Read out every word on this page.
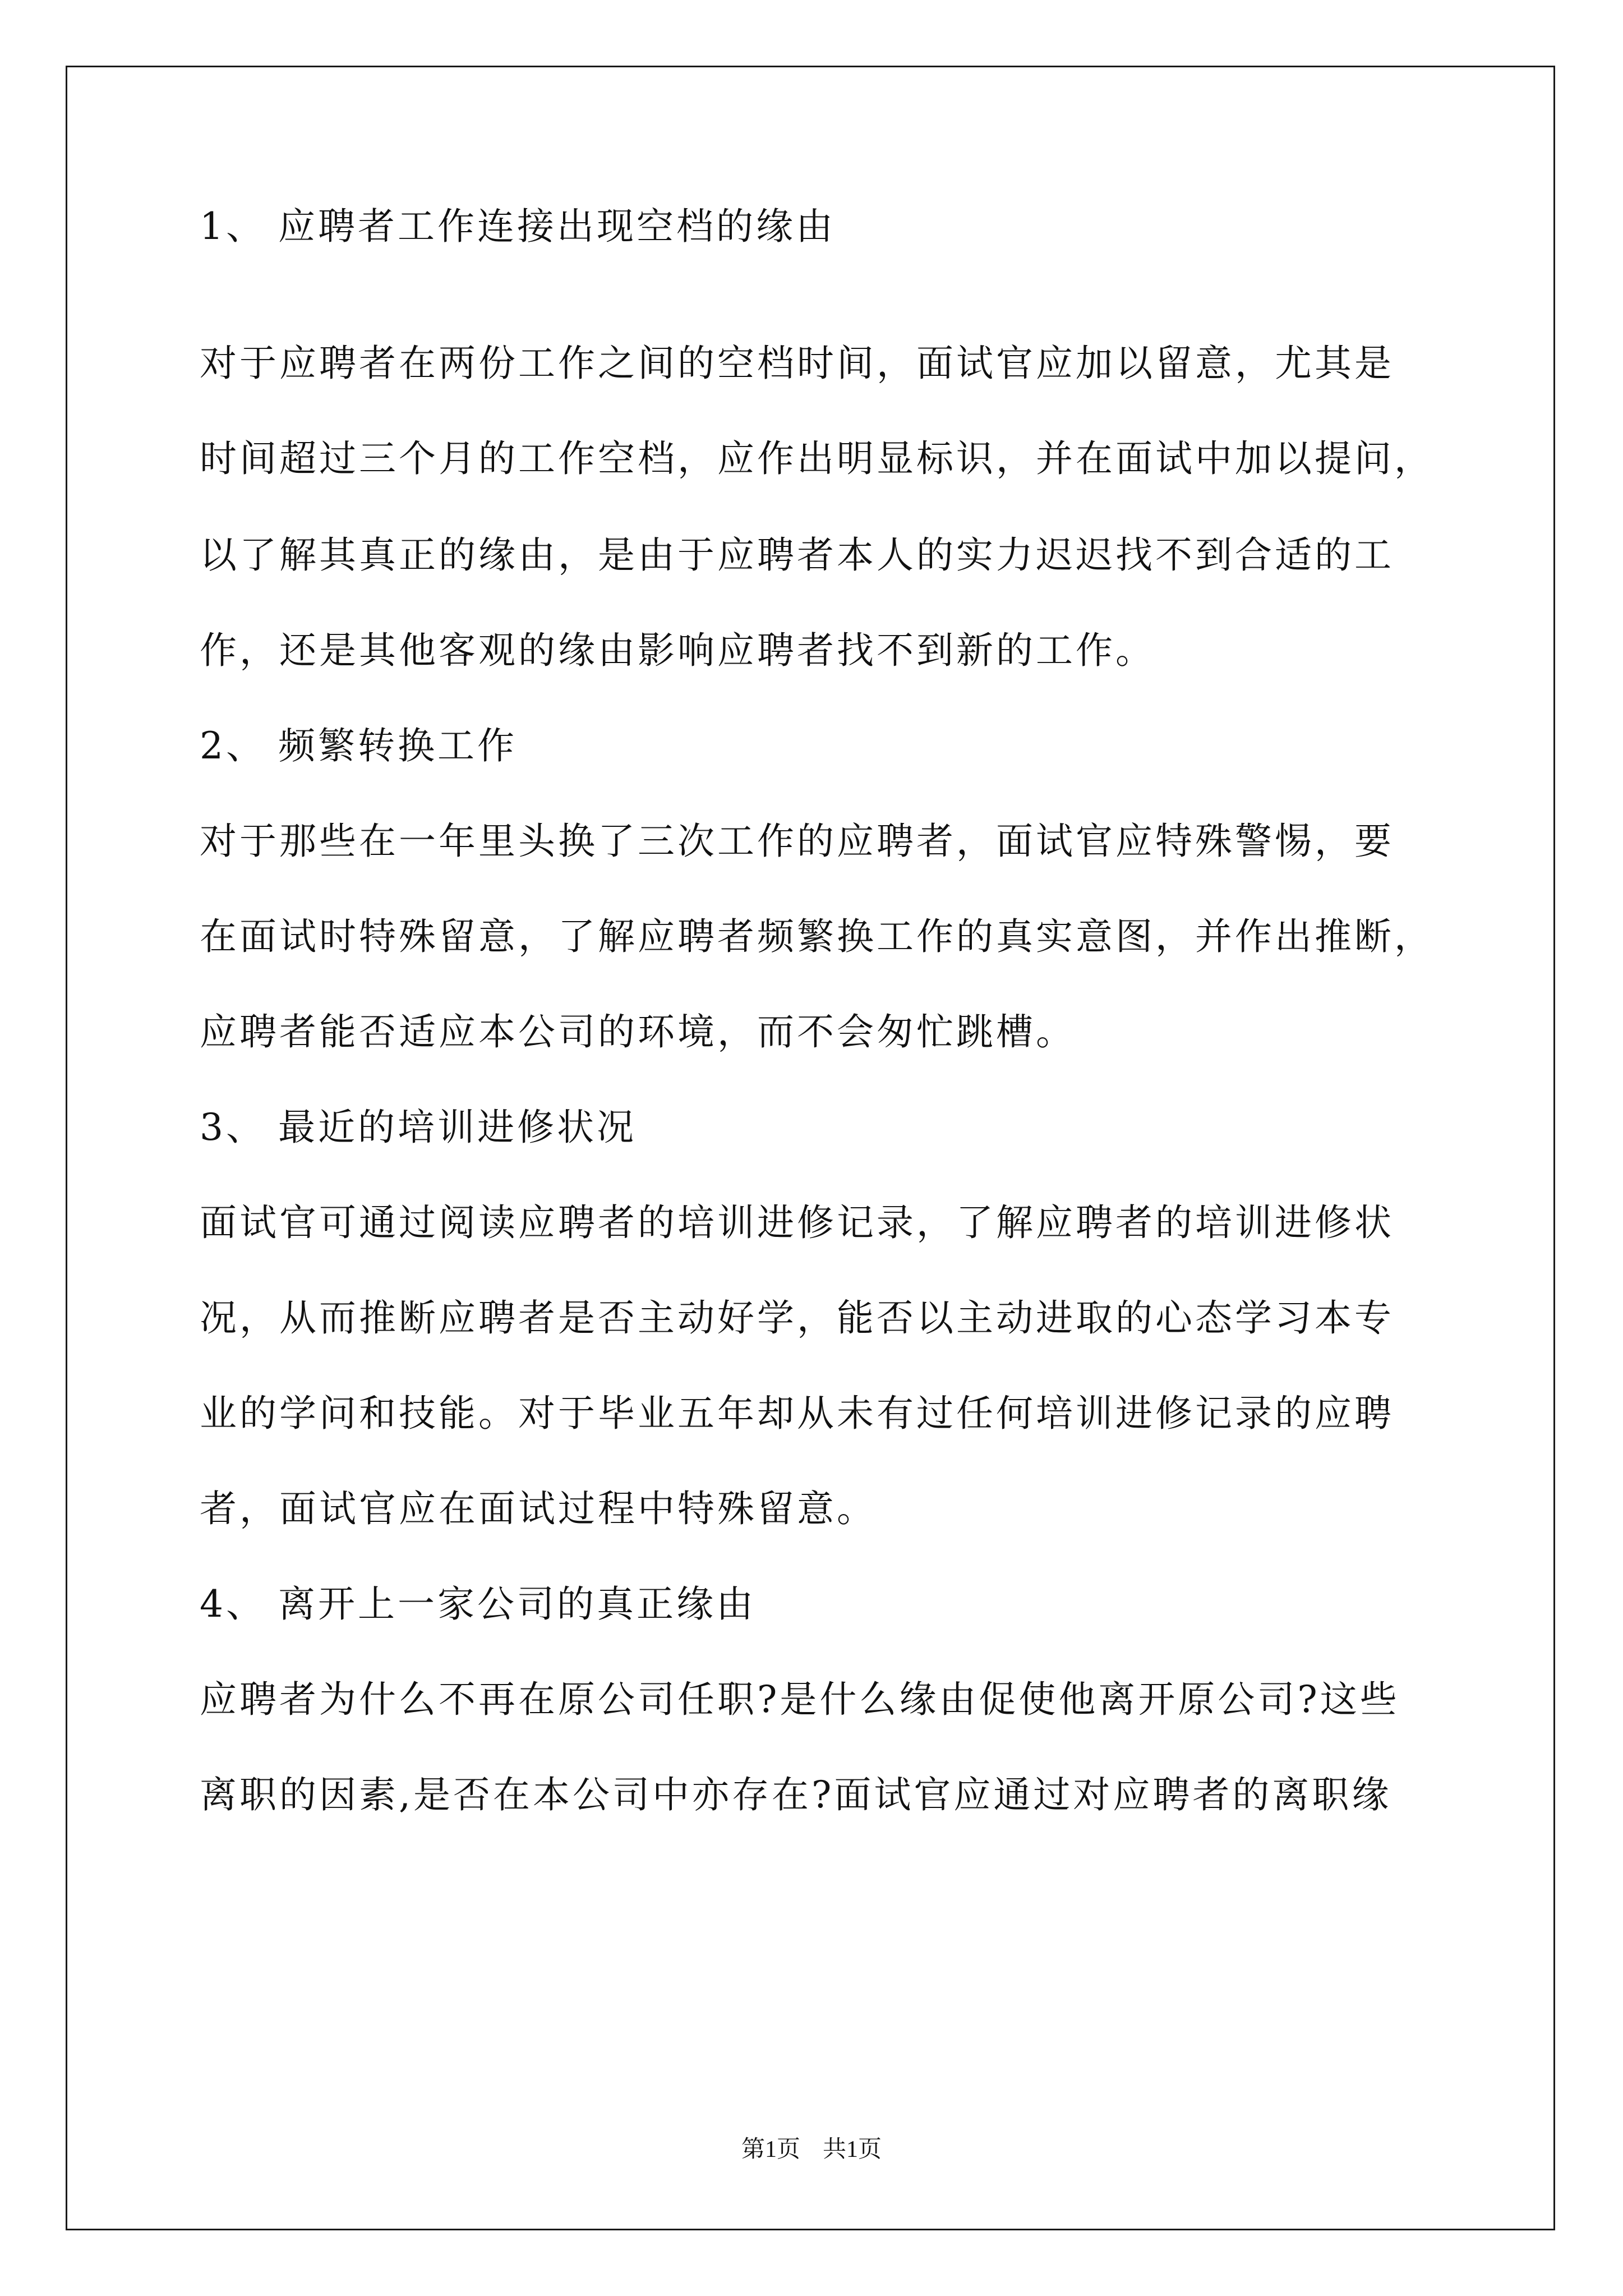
1、 应聘者工作连接出现空档的缘由
对于应聘者在两份工作之间的空档时间，面试官应加以留意，尤其是
时间超过三个月的工作空档，应作出明显标识，并在面试中加以提问，
以了解其真正的缘由，是由于应聘者本人的实力迟迟找不到合适的工
作，还是其他客观的缘由影响应聘者找不到新的工作。
2、 频繁转换工作
对于那些在一年里头换了三次工作的应聘者，面试官应特殊警惕，要
在面试时特殊留意，了解应聘者频繁换工作的真实意图，并作出推断，
应聘者能否适应本公司的环境，而不会匆忙跳槽。
3、 最近的培训进修状况
面试官可通过阅读应聘者的培训进修记录，了解应聘者的培训进修状
况，从而推断应聘者是否主动好学，能否以主动进取的心态学习本专
业的学问和技能。对于毕业五年却从未有过任何培训进修记录的应聘
者，面试官应在面试过程中特殊留意。
4、 离开上一家公司的真正缘由
应聘者为什么不再在原公司任职?是什么缘由促使他离开原公司?这些
离职的因素,是否在本公司中亦存在?面试官应通过对应聘者的离职缘
第1页 共1页
